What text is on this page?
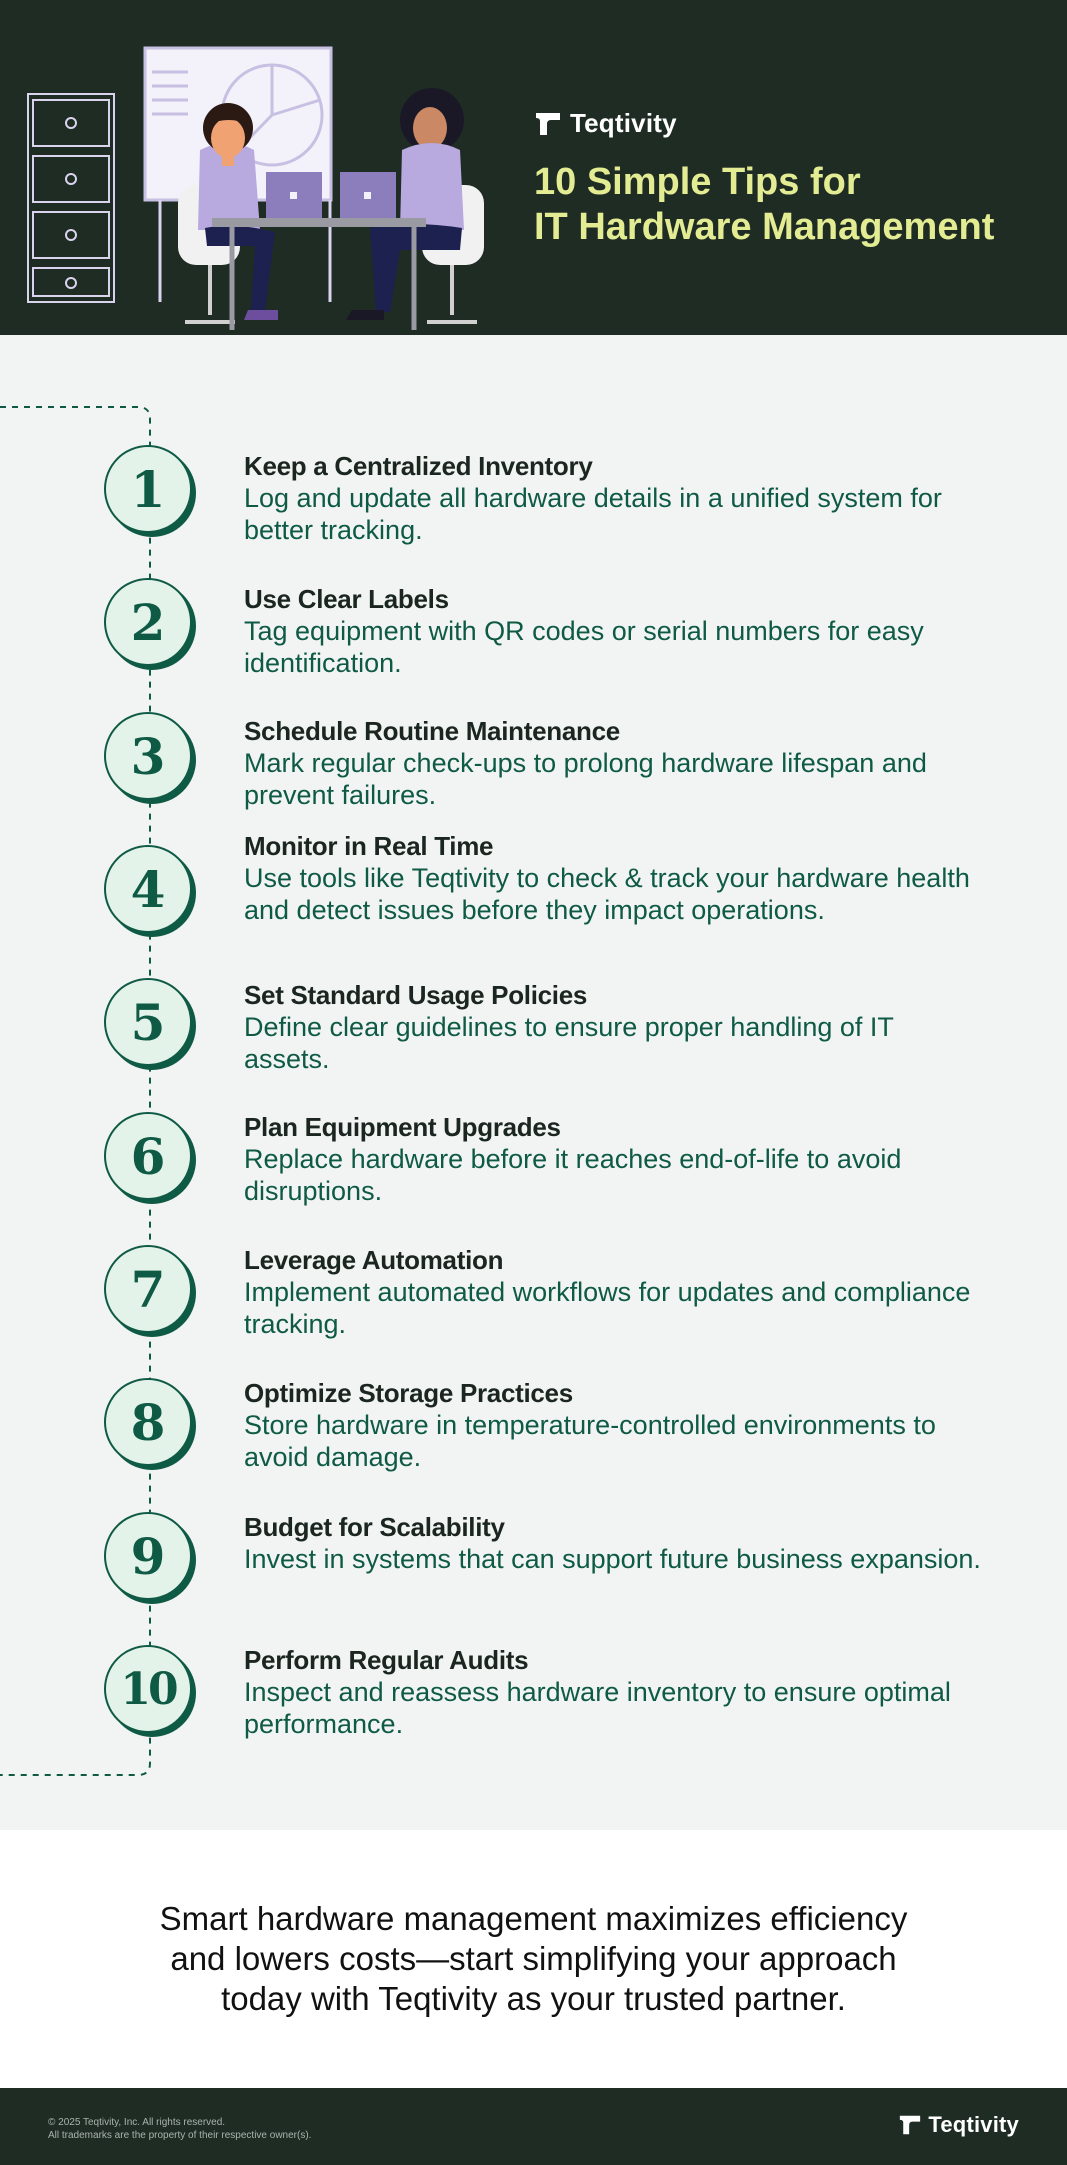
Teqtivity
10 Simple Tips for
IT Hardware Management
1	Keep a Centralized Inventory
Log and update all hardware details in a unified system for better tracking.
2	Use Clear Labels
Tag equipment with QR codes or serial numbers for easy identification.
3	Schedule Routine Maintenance
Mark regular check-ups to prolong hardware lifespan and prevent failures.
4
Monitor in Real Time
Use tools like Teqtivity to check & track your hardware health and detect issues before they impact operations.
5	Set Standard Usage Policies
Define clear guidelines to ensure proper handling of IT assets.
6	Plan Equipment Upgrades
Replace hardware before it reaches end-of-life to avoid disruptions.
7	Leverage Automation
Implement automated workflows for updates and compliance tracking.
8	Optimize Storage Practices
Store hardware in temperature-controlled environments to avoid damage.
9	Budget for Scalability
Invest in systems that can support future business expansion.
10
Perform Regular Audits
Inspect and reassess hardware inventory to ensure optimal performance.

Smart hardware management maximizes efficiency and lowers costs—start simplifying your approach today with Teqtivity as your trusted partner.

© 2025 Teqtivity, Inc. All rights reserved.
All trademarks are the property of their respective owner(s).	Teqtivity
